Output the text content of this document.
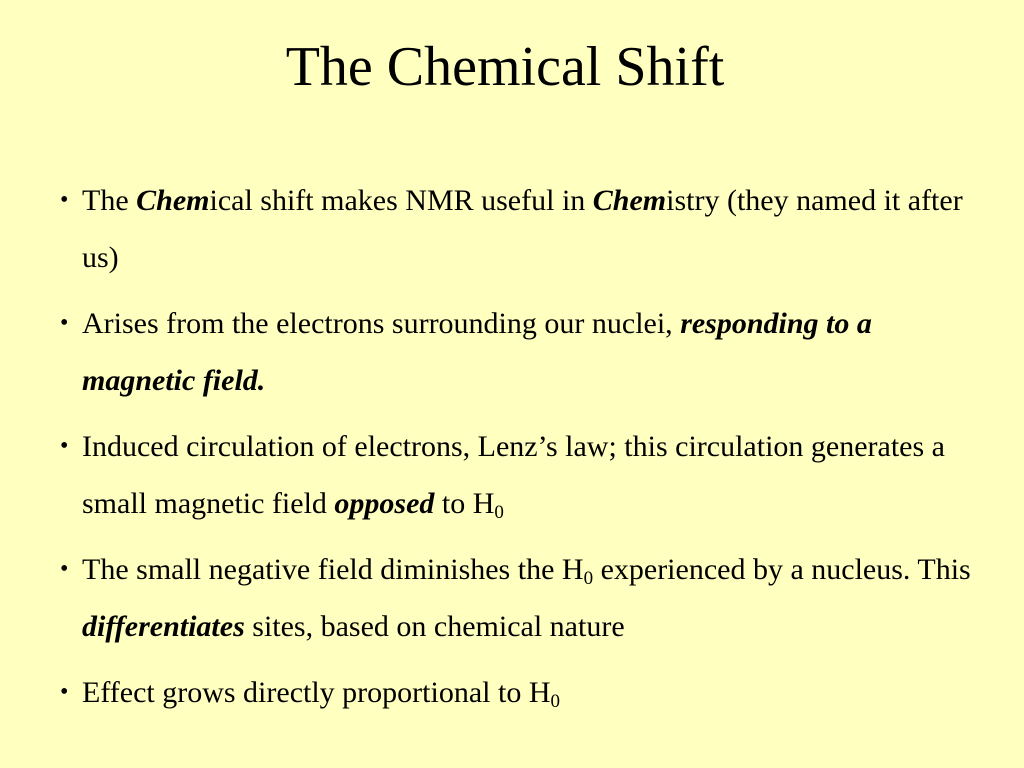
The Chemical Shift
• The Chemical shift makes NMR useful in Chemistry (they named it after us)
• Arises from the electrons surrounding our nuclei, responding to a magnetic field.
• Induced circulation of electrons, Lenz’s law; this circulation generates a small magnetic field opposed to $H_0$
• The small negative field diminishes the $H_0$ experienced by a nucleus. This differentiates sites, based on chemical nature
• Effect grows directly proportional to $H_0$
